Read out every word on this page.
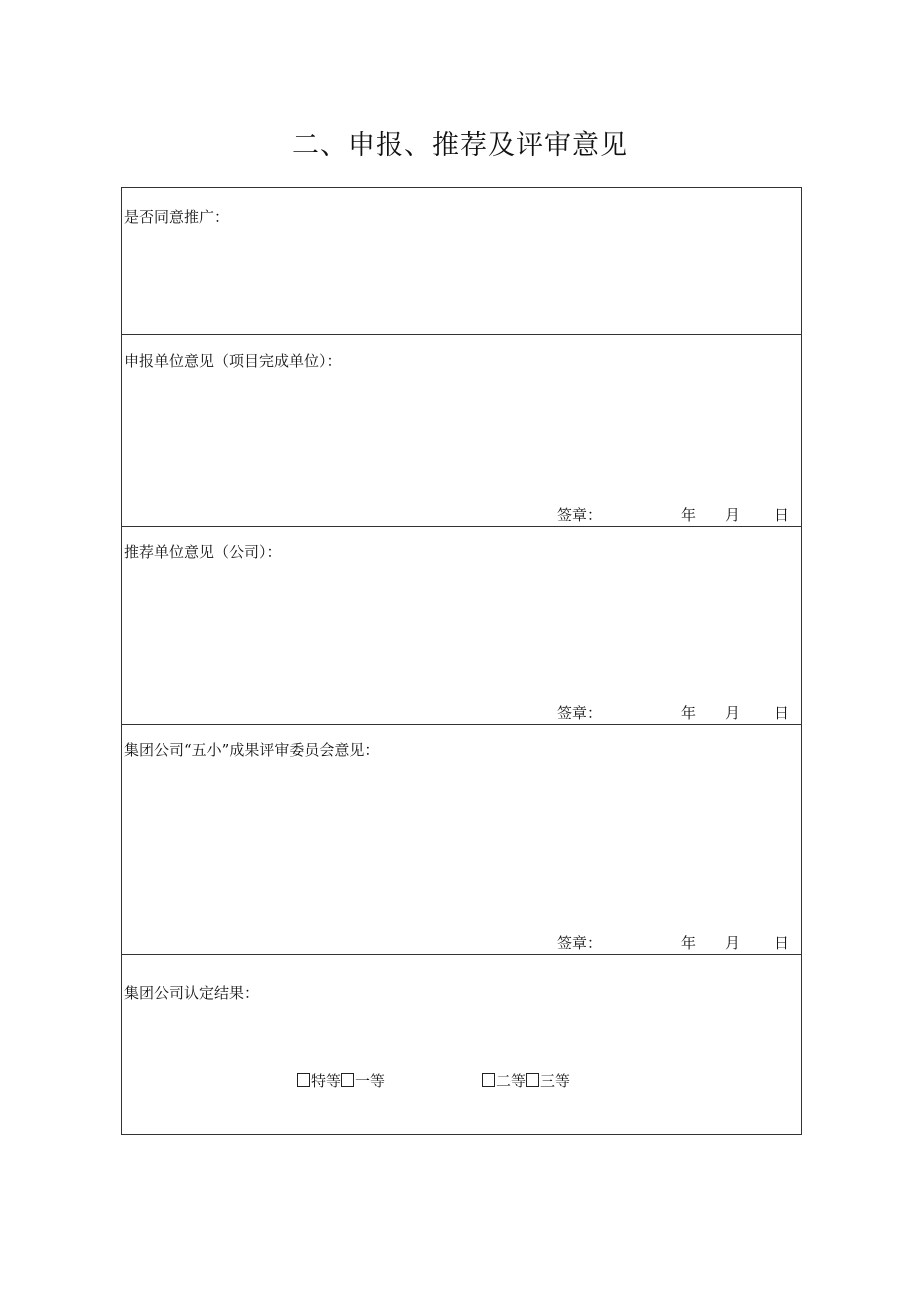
二、申报、推荐及评审意见
是否同意推广：
申报单位意见（项目完成单位）：
签章：	年 月 日
推荐单位意见（公司）：
签章：	年 月 日
集团公司“五小”成果评审委员会意见：
签章：	年 月 日
集团公司认定结果：
特等 一等	二等 三等
